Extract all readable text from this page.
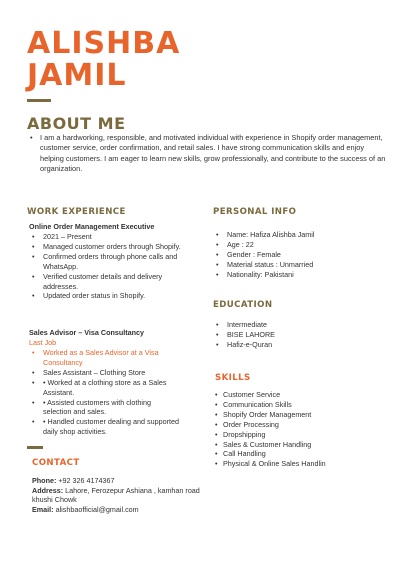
ALISHBA
JAMIL
ABOUT ME

• I am a hardworking, responsible, and motivated individual with experience in Shopify order management, customer service, order confirmation, and retail sales. I have strong communication skills and enjoy helping customers. I am eager to learn new skills, grow professionally, and contribute to the success of an organization.

WORK EXPERIENCE
Online Order Management Executive
• 2021 – Present
• Managed customer orders through Shopify.
• Confirmed orders through phone calls and WhatsApp.
• Verified customer details and delivery addresses.
• Updated order status in Shopify.
Sales Advisor – Visa Consultancy
Last Job
• Worked as a Sales Advisor at a Visa Consultancy
• Sales Assistant – Clothing Store
• • Worked at a clothing store as a Sales Assistant.
• • Assisted customers with clothing selection and sales.
• • Handled customer dealing and supported daily shop activities.
PERSONAL INFO
• Name: Hafiza Alishba Jamil
• Age : 22
• Gender : Female
• Material status : Unmarried
• Nationality: Pakistani
EDUCATION
• Intermediate
• BISE LAHORE
• Hafiz-e-Quran
SKILLS
• Customer Service
• Communication Skills
• Shopify Order Management
• Order Processing
• Dropshipping
• Sales & Customer Handling
• Call Handling
• Physical & Online Sales Handlin
CONTACT
Phone: +92 326 4174367
Address: Lahore, Ferozepur Ashiana , kamhan road khushi Chowk
Email: alishbaofficial@gmail.com
